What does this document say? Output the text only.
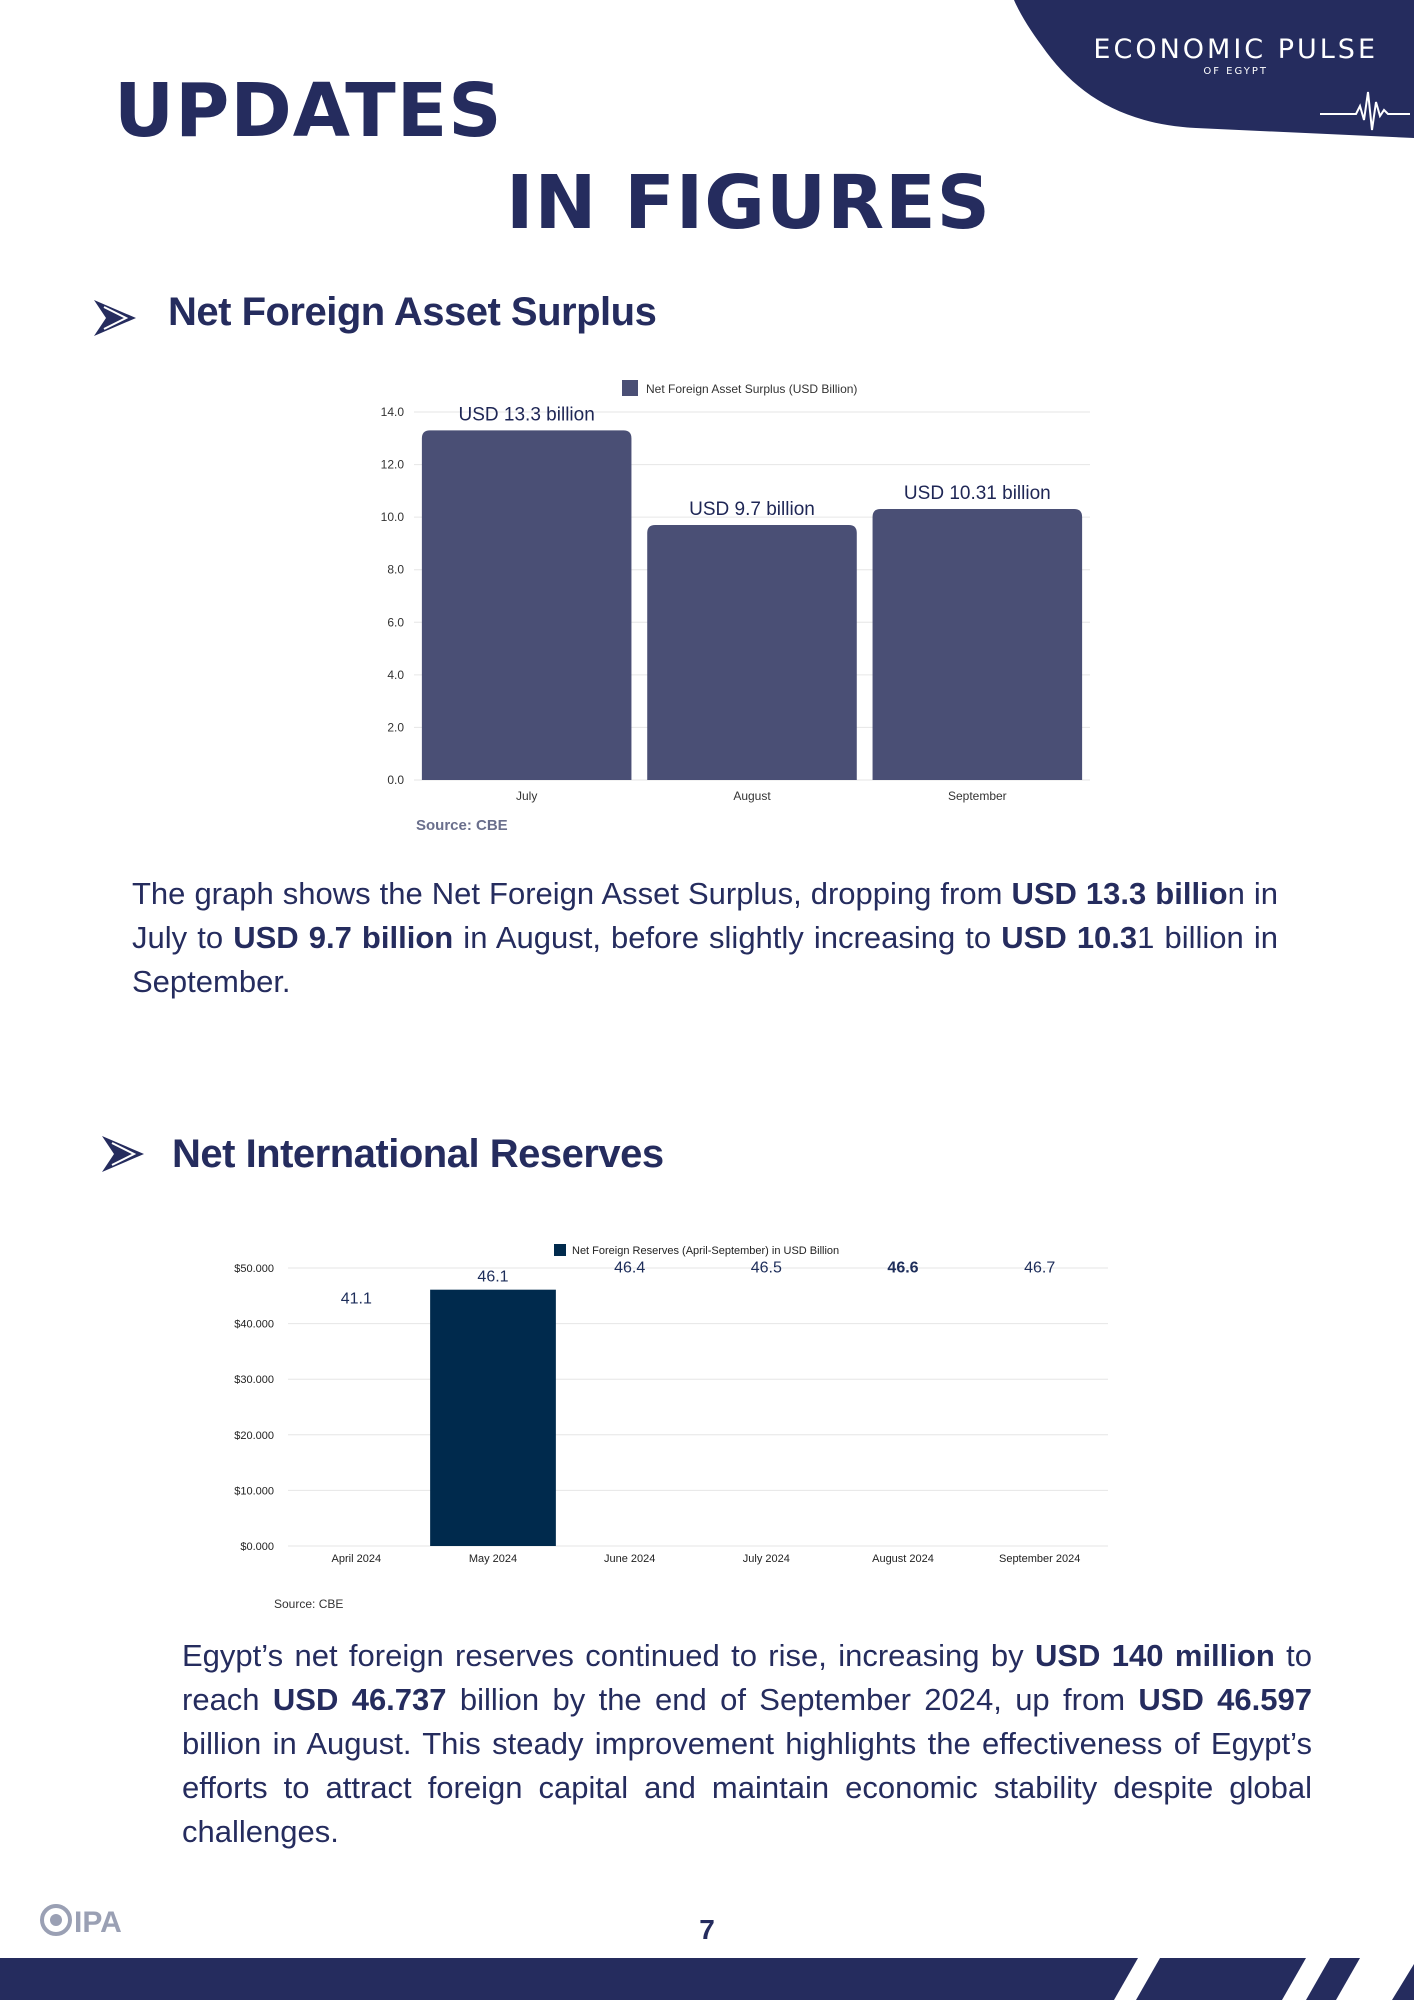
ECONOMIC PULSE
OF EGYPT
UPDATES
IN FIGURES
Net Foreign Asset Surplus
0.0
2.0
4.0
6.0
8.0
10.0
12.0
14.0	USD 13.3 billion
July
USD 9.7 billion
August
USD 10.31 billion
September
Net Foreign Asset Surplus (USD Billion)
Source: CBE

The graph shows the Net Foreign Asset Surplus, dropping from USD 13.3 billion in July to USD 9.7 billion in August, before slightly increasing to USD 10.31 billion in September.

Net International Reserves
$0.000
$10.000
$20.000
$30.000
$40.000
$50.000
41.1
April 2024
46.1
May 2024
46.4
June 2024
46.5
July 2024
46.6
August 2024
46.7
September 2024
Net Foreign Reserves (April-September) in USD Billion
Source: CBE

Egypt’s net foreign reserves continued to rise, increasing by USD 140 million to reach USD 46.737 billion by the end of September 2024, up from USD 46.597 billion in August. This steady improvement highlights the effectiveness of Egypt’s efforts to attract foreign capital and maintain economic stability despite global challenges.

IPA	7
